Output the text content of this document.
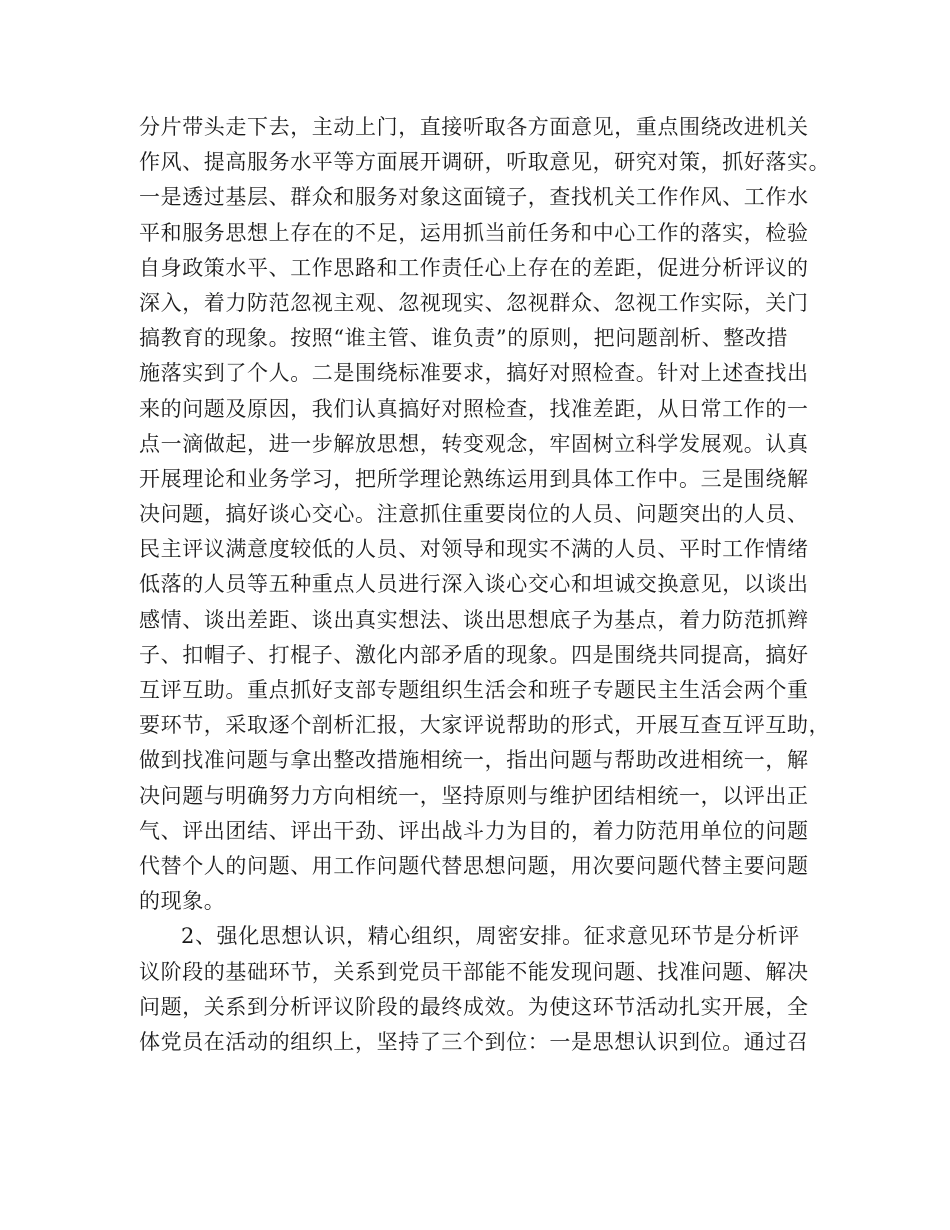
分片带头走下去，主动上门，直接听取各方面意见，重点围绕改进机关
作风、提高服务水平等方面展开调研，听取意见，研究对策，抓好落实。
一是透过基层、群众和服务对象这面镜子，查找机关工作作风、工作水
平和服务思想上存在的不足，运用抓当前任务和中心工作的落实，检验
自身政策水平、工作思路和工作责任心上存在的差距，促进分析评议的
深入，着力防范忽视主观、忽视现实、忽视群众、忽视工作实际，关门
搞教育的现象。按照“谁主管、谁负责”的原则，把问题剖析、整改措
施落实到了个人。二是围绕标准要求，搞好对照检查。针对上述查找出
来的问题及原因，我们认真搞好对照检查，找准差距，从日常工作的一
点一滴做起，进一步解放思想，转变观念，牢固树立科学发展观。认真
开展理论和业务学习，把所学理论熟练运用到具体工作中。三是围绕解
决问题，搞好谈心交心。注意抓住重要岗位的人员、问题突出的人员、
民主评议满意度较低的人员、对领导和现实不满的人员、平时工作情绪
低落的人员等五种重点人员进行深入谈心交心和坦诚交换意见，以谈出
感情、谈出差距、谈出真实想法、谈出思想底子为基点，着力防范抓辫
子、扣帽子、打棍子、激化内部矛盾的现象。四是围绕共同提高，搞好
互评互助。重点抓好支部专题组织生活会和班子专题民主生活会两个重
要环节，采取逐个剖析汇报，大家评说帮助的形式，开展互查互评互助，
做到找准问题与拿出整改措施相统一，指出问题与帮助改进相统一，解
决问题与明确努力方向相统一，坚持原则与维护团结相统一，以评出正
气、评出团结、评出干劲、评出战斗力为目的，着力防范用单位的问题
代替个人的问题、用工作问题代替思想问题，用次要问题代替主要问题
的现象。
2、强化思想认识，精心组织，周密安排。征求意见环节是分析评
议阶段的基础环节，关系到党员干部能不能发现问题、找准问题、解决
问题，关系到分析评议阶段的最终成效。为使这环节活动扎实开展，全
体党员在活动的组织上，坚持了三个到位：一是思想认识到位。通过召
